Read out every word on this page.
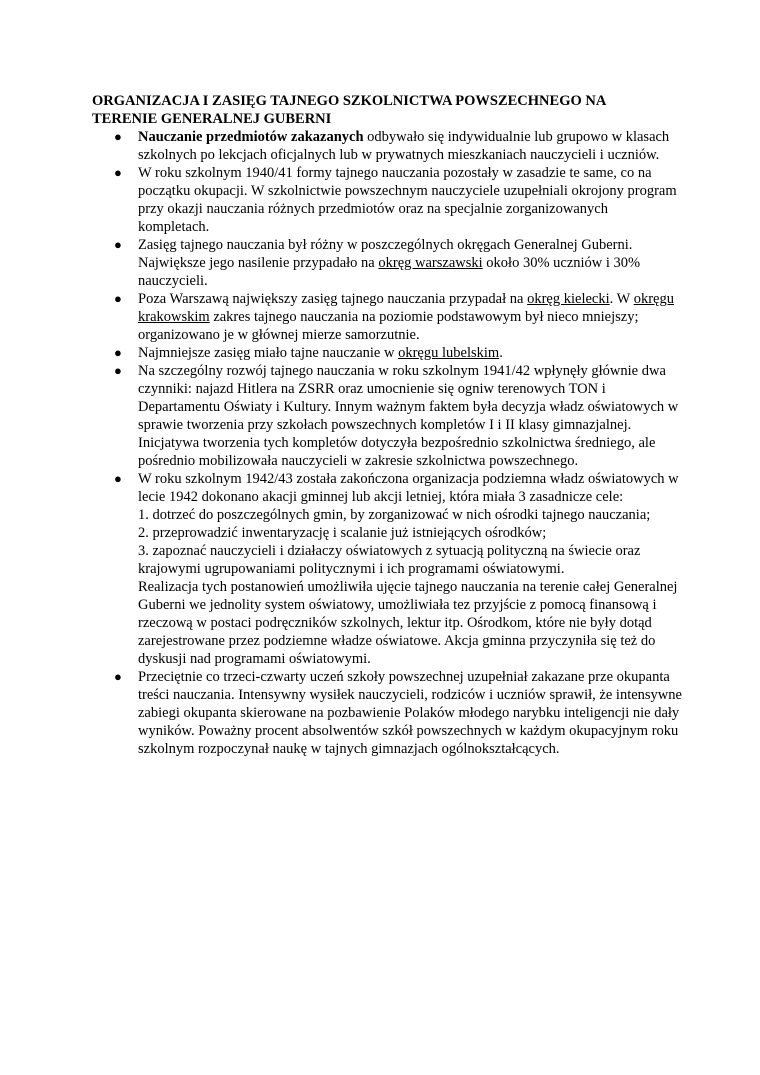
ORGANIZACJA I ZASIĘG TAJNEGO SZKOLNICTWA POWSZECHNEGO NA
TERENIE GENERALNEJ GUBERNI
● Nauczanie przedmiotów zakazanych odbywało się indywidualnie lub grupowo w klasach szkolnych po lekcjach oficjalnych lub w prywatnych mieszkaniach nauczycieli i uczniów.
● W roku szkolnym 1940/41 formy tajnego nauczania pozostały w zasadzie te same, co na początku okupacji. W szkolnictwie powszechnym nauczyciele uzupełniali okrojony program przy okazji nauczania różnych przedmiotów oraz na specjalnie zorganizowanych kompletach.
● Zasięg tajnego nauczania był różny w poszczególnych okręgach Generalnej Guberni. Największe jego nasilenie przypadało na okręg warszawski około 30% uczniów i 30% nauczycieli.
● Poza Warszawą największy zasięg tajnego nauczania przypadał na okręg kielecki. W okręgu krakowskim zakres tajnego nauczania na poziomie podstawowym był nieco mniejszy; organizowano je w głównej mierze samorzutnie.
● Najmniejsze zasięg miało tajne nauczanie w okręgu lubelskim.
● Na szczególny rozwój tajnego nauczania w roku szkolnym 1941/42 wpłynęły głównie dwa czynniki: najazd Hitlera na ZSRR oraz umocnienie się ogniw terenowych TON i Departamentu Oświaty i Kultury. Innym ważnym faktem była decyzja władz oświatowych w sprawie tworzenia przy szkołach powszechnych kompletów I i II klasy gimnazjalnej. Inicjatywa tworzenia tych kompletów dotyczyła bezpośrednio szkolnictwa średniego, ale pośrednio mobilizowała nauczycieli w zakresie szkolnictwa powszechnego.
● W roku szkolnym 1942/43 została zakończona organizacja podziemna władz oświatowych w lecie 1942 dokonano akacji gminnej lub akcji letniej, która miała 3 zasadnicze cele:
1. dotrzeć do poszczególnych gmin, by zorganizować w nich ośrodki tajnego nauczania;
2. przeprowadzić inwentaryzację i scalanie już istniejących ośrodków;
3. zapoznać nauczycieli i działaczy oświatowych z sytuacją polityczną na świecie oraz krajowymi ugrupowaniami politycznymi i ich programami oświatowymi.
Realizacja tych postanowień umożliwiła ujęcie tajnego nauczania na terenie całej Generalnej Guberni we jednolity system oświatowy, umożliwiała tez przyjście z pomocą finansową i rzeczową w postaci podręczników szkolnych, lektur itp. Ośrodkom, które nie były dotąd zarejestrowane przez podziemne władze oświatowe. Akcja gminna przyczyniła się też do dyskusji nad programami oświatowymi.
● Przeciętnie co trzeci-czwarty uczeń szkoły powszechnej uzupełniał zakazane prze okupanta treści nauczania. Intensywny wysiłek nauczycieli, rodziców i uczniów sprawił, że intensywne zabiegi okupanta skierowane na pozbawienie Polaków młodego narybku inteligencji nie dały wyników. Poważny procent absolwentów szkół powszechnych w każdym okupacyjnym roku szkolnym rozpoczynał naukę w tajnych gimnazjach ogólnokształcących.
